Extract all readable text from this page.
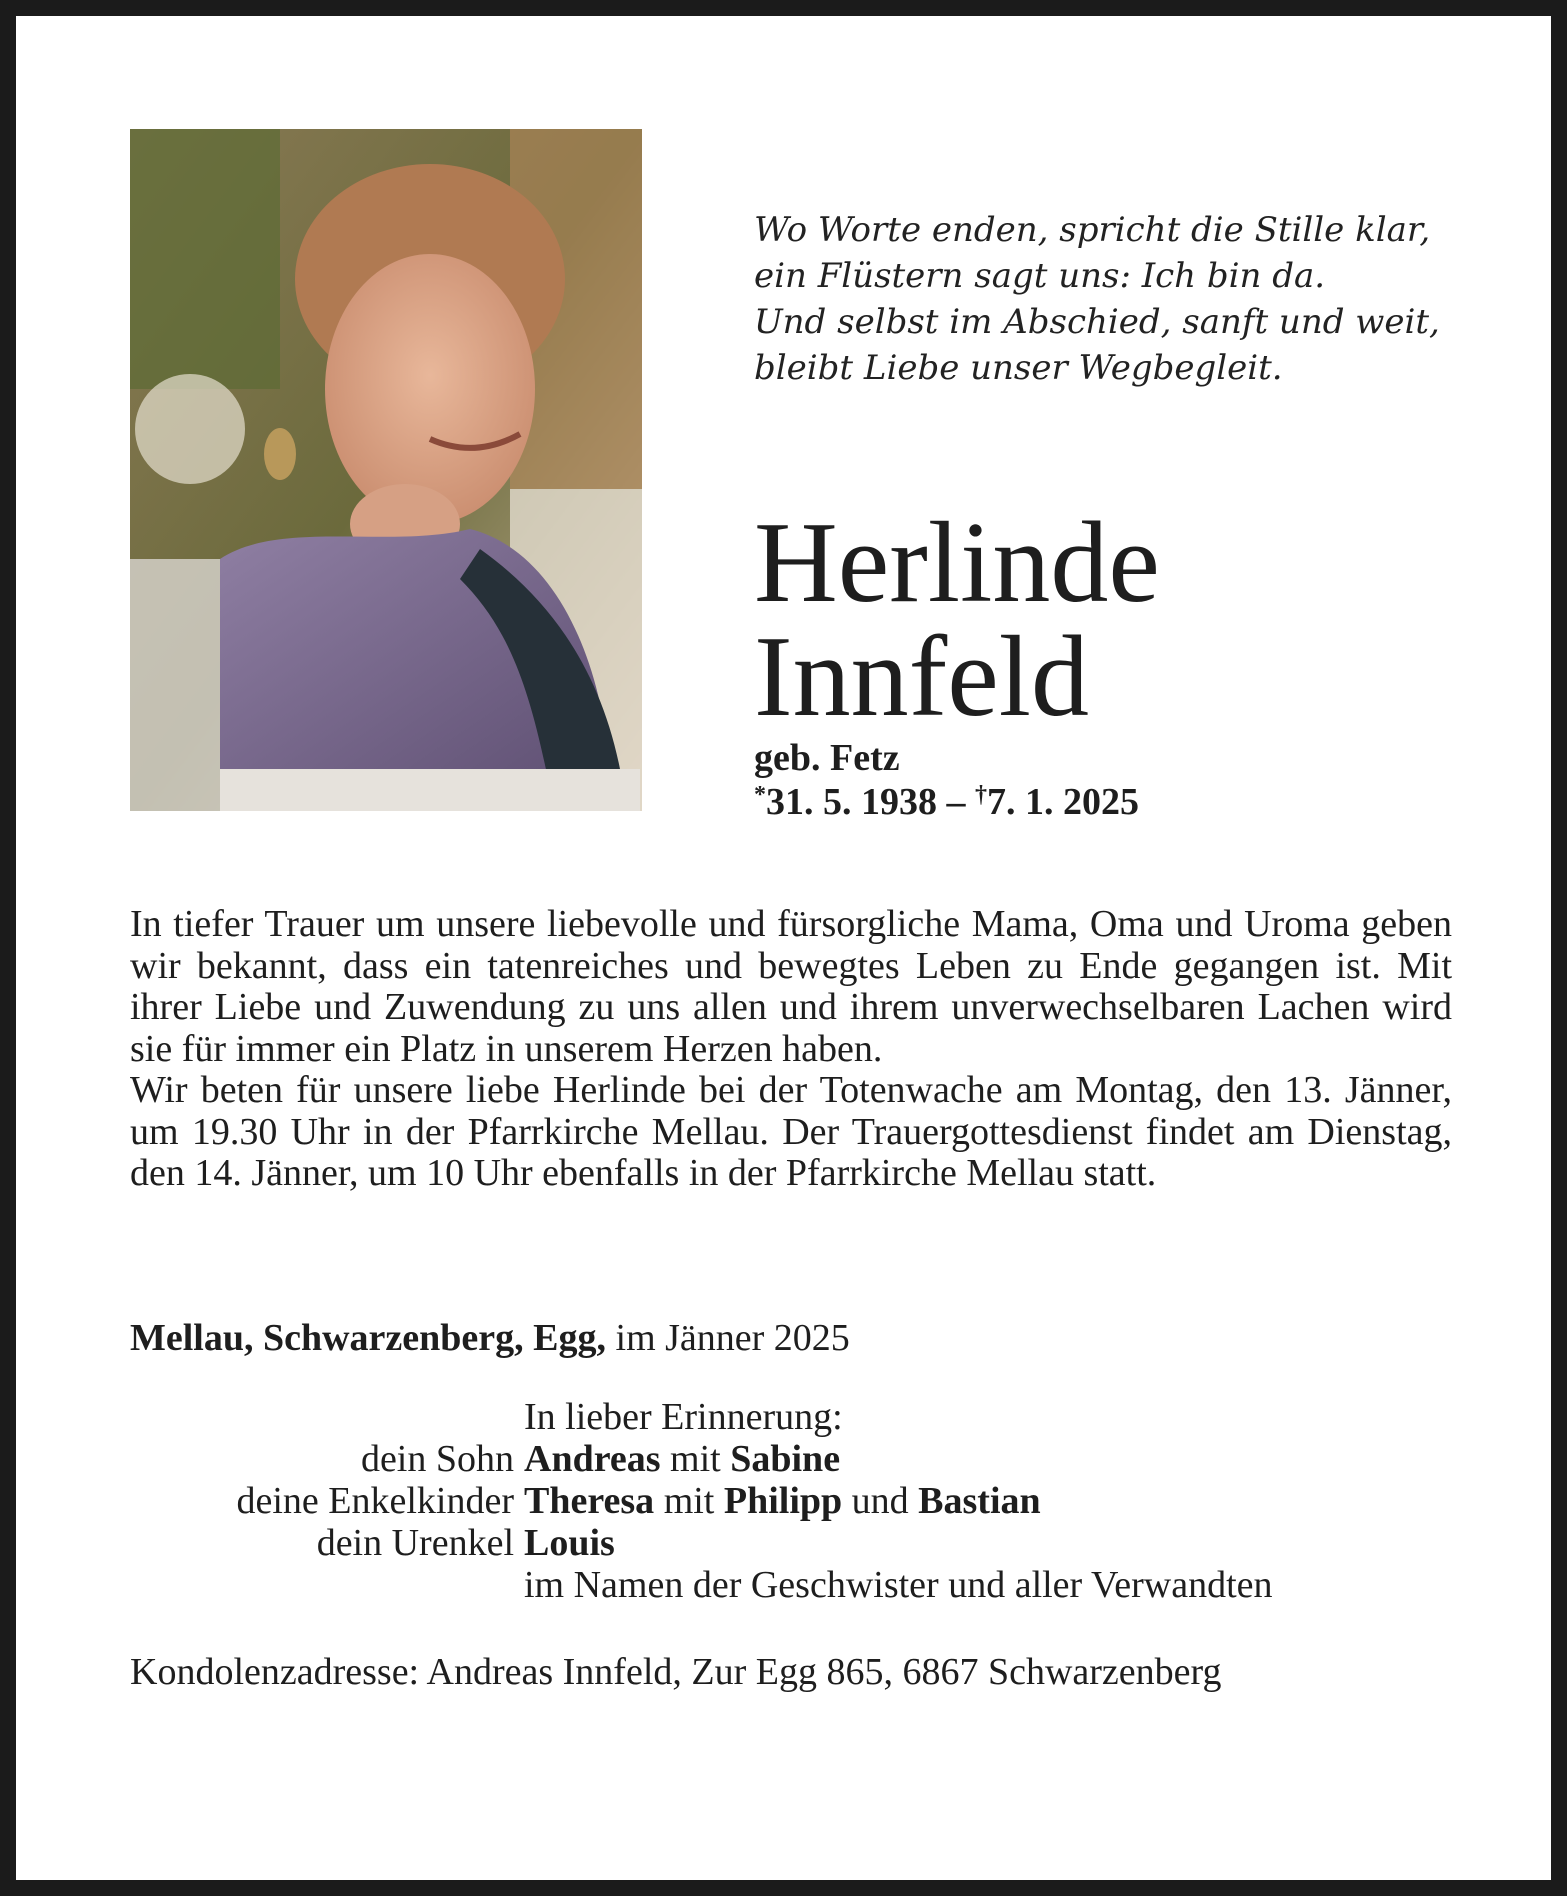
Wo Worte enden, spricht die Stille klar,
ein Flüstern sagt uns: Ich bin da.
Und selbst im Abschied, sanft und weit,
bleibt Liebe unser Wegbegleit.
Herlinde
Innfeld
geb. Fetz
*31. 5. 1938 – †7. 1. 2025

In tiefer Trauer um unsere liebevolle und fürsorgliche Mama, Oma und Uroma geben wir bekannt, dass ein tatenreiches und bewegtes Leben zu Ende gegangen ist. Mit ihrer Liebe und Zuwendung zu uns allen und ihrem unverwechselbaren Lachen wird sie für immer ein Platz in unserem Herzen haben.

Wir beten für unsere liebe Herlinde bei der Totenwache am Montag, den 13. Jänner, um 19.30 Uhr in der Pfarrkirche Mellau. Der Trauergottesdienst findet am Dienstag, den 14. Jänner, um 10 Uhr ebenfalls in der Pfarrkirche Mellau statt.

Mellau, Schwarzenberg, Egg, im Jänner 2025
In lieber Erinnerung:
dein Sohn Andreas mit Sabine
deine Enkelkinder Theresa mit Philipp und Bastian
dein Urenkel Louis
im Namen der Geschwister und aller Verwandten
Kondolenzadresse: Andreas Innfeld, Zur Egg 865, 6867 Schwarzenberg
